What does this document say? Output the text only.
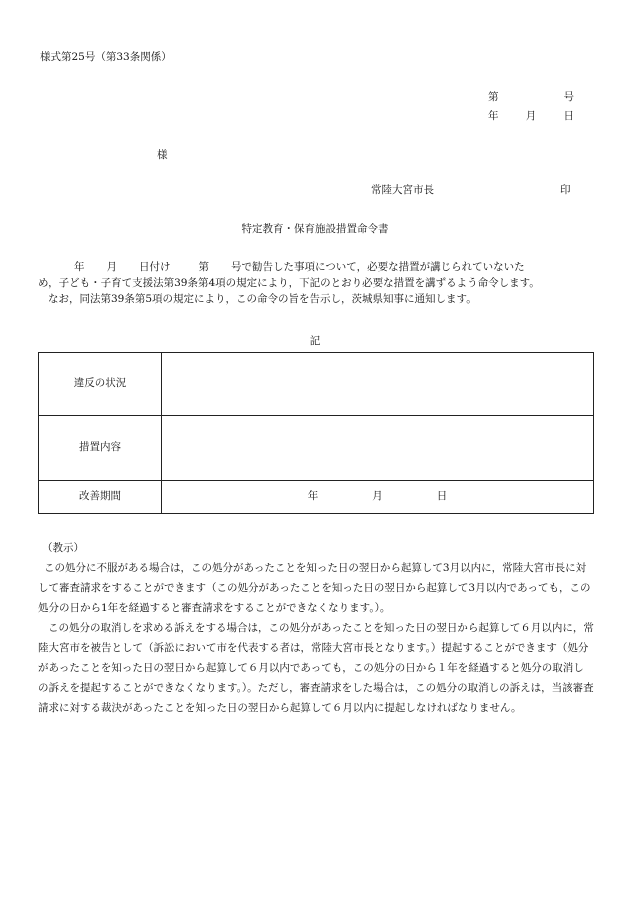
様式第25号（第33条関係）
第	号
年	月	日
様
常陸大宮市長	印
特定教育・保育施設措置命令書

年 月 日付け	第 号で勧告した事項について，必要な措置が講じられていないた

め，子ども・子育て支援法第39条第4項の規定により，下記のとおり必要な措置を講ずるよう命令します。

なお，同法第39条第5項の規定により，この命令の旨を告示し，茨城県知事に通知します。

記
違反の状況	
措置内容	
改善期間	年 月 日
（教示）

この処分に不服がある場合は，この処分があったことを知った日の翌日から起算して3月以内に，常陸大宮市長に対して審査請求をすることができます（この処分があったことを知った日の翌日から起算して3月以内であっても，この処分の日から1年を経過すると審査請求をすることができなくなります。）。

この処分の取消しを求める訴えをする場合は，この処分があったことを知った日の翌日から起算して６月以内に，常陸大宮市を被告として（訴訟において市を代表する者は，常陸大宮市長となります。）提起することができます（処分があったことを知った日の翌日から起算して６月以内であっても，この処分の日から１年を経過すると処分の取消しの訴えを提起することができなくなります。）。ただし，審査請求をした場合は，この処分の取消しの訴えは，当該審査請求に対する裁決があったことを知った日の翌日から起算して６月以内に提起しなければなりません。
